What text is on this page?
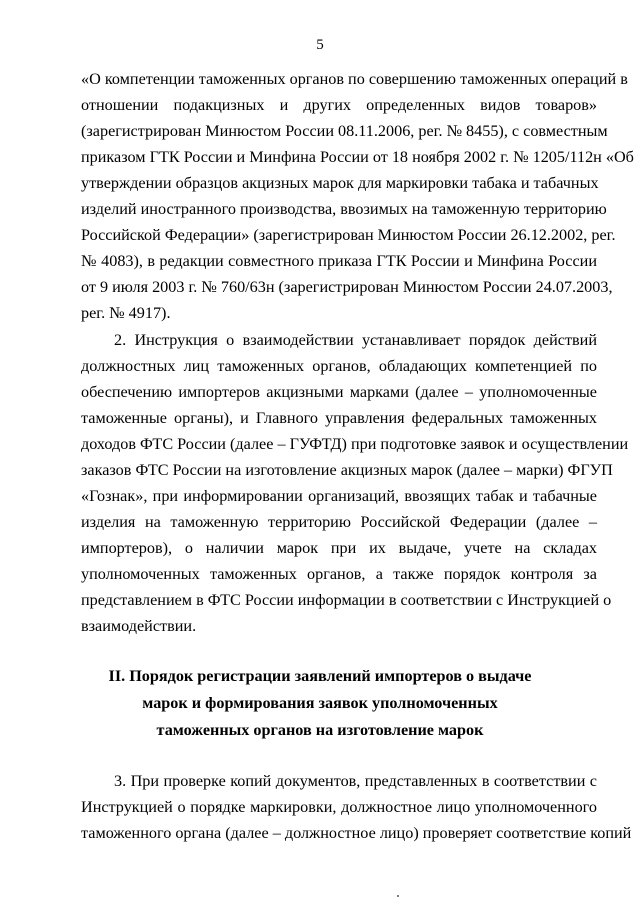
5
«О компетенции таможенных органов по совершению таможенных операций в
отношении подакцизных и других определенных видов товаров»
(зарегистрирован Минюстом России 08.11.2006, рег. № 8455), с совместным
приказом ГТК России и Минфина России от 18 ноября 2002 г. № 1205/112н «Об
утверждении образцов акцизных марок для маркировки табака и табачных
изделий иностранного производства, ввозимых на таможенную территорию
Российской Федерации» (зарегистрирован Минюстом России 26.12.2002, рег.
№ 4083), в редакции совместного приказа ГТК России и Минфина России
от 9 июля 2003 г. № 760/63н (зарегистрирован Минюстом России 24.07.2003,
рег. № 4917).
2. Инструкция о взаимодействии устанавливает порядок действий
должностных лиц таможенных органов, обладающих компетенцией по
обеспечению импортеров акцизными марками (далее – уполномоченные
таможенные органы), и Главного управления федеральных таможенных
доходов ФТС России (далее – ГУФТД) при подготовке заявок и осуществлении
заказов ФТС России на изготовление акцизных марок (далее – марки) ФГУП
«Гознак», при информировании организаций, ввозящих табак и табачные
изделия на таможенную территорию Российской Федерации (далее –
импортеров), о наличии марок при их выдаче, учете на складах
уполномоченных таможенных органов, а также порядок контроля за
представлением в ФТС России информации в соответствии с Инструкцией о
взаимодействии.
II. Порядок регистрации заявлений импортеров о выдаче
марок и формирования заявок уполномоченных
таможенных органов на изготовление марок
3. При проверке копий документов, представленных в соответствии с
Инструкцией о порядке маркировки, должностное лицо уполномоченного
таможенного органа (далее – должностное лицо) проверяет соответствие копий
